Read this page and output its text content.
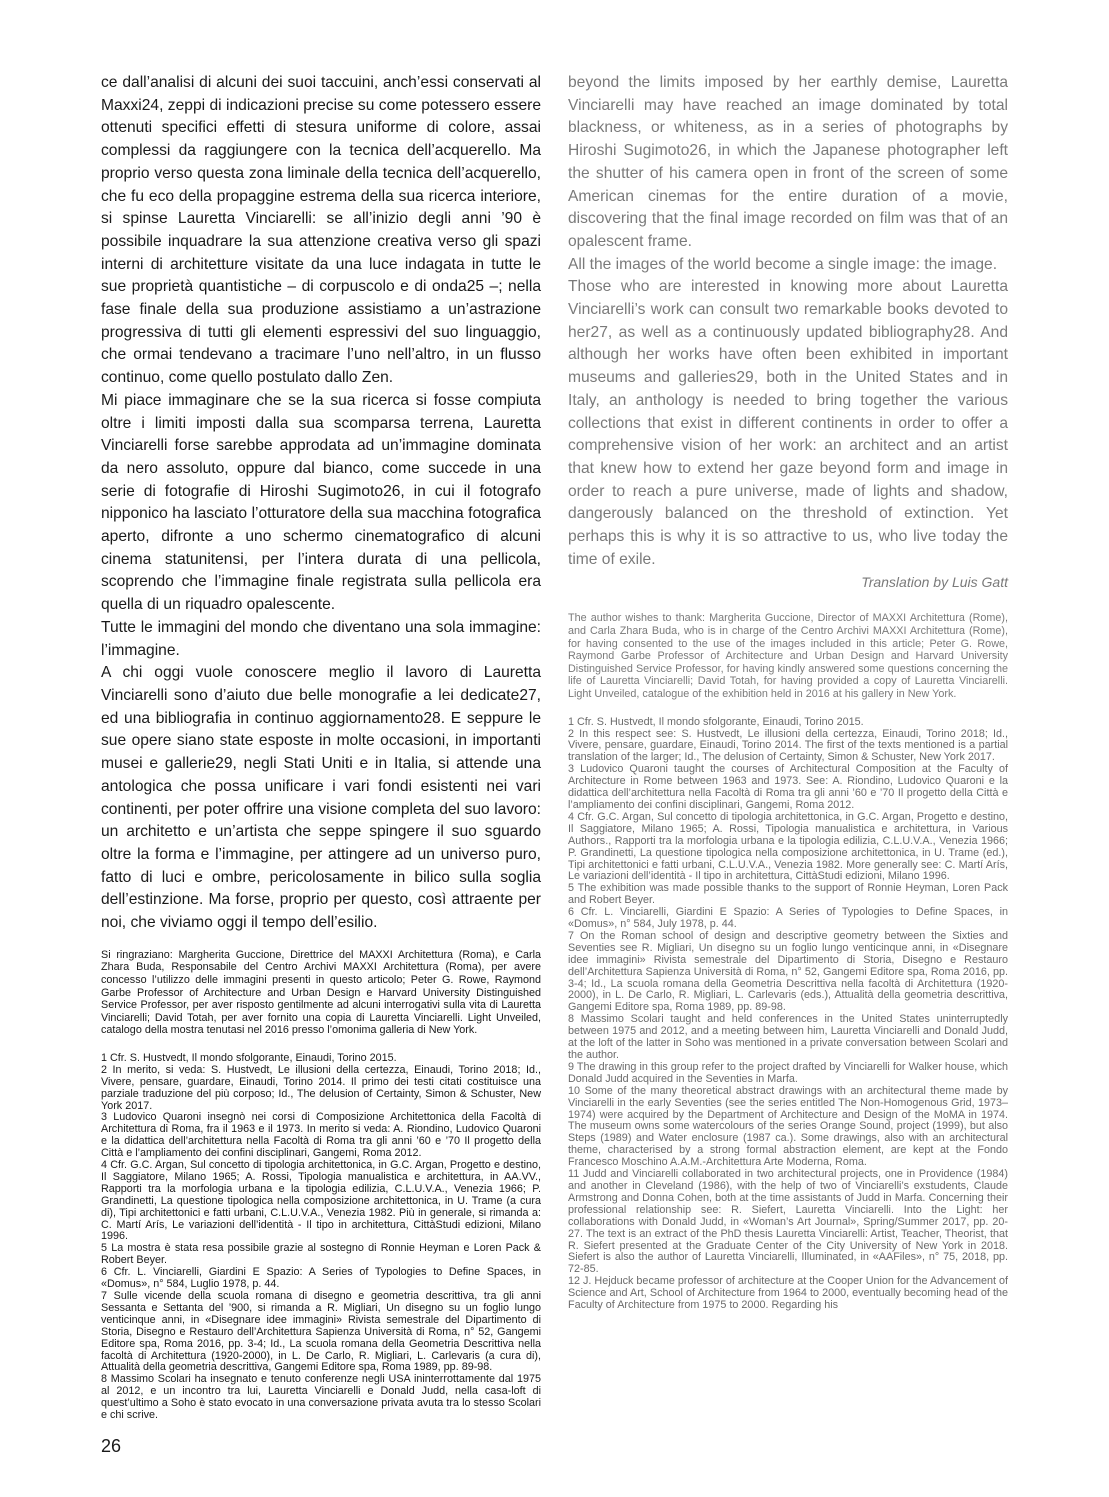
ce dall’analisi di alcuni dei suoi taccuini, anch’essi conservati al Maxxi24, zeppi di indicazioni precise su come potessero essere ottenuti specifici effetti di stesura uniforme di colore, assai complessi da raggiungere con la tecnica dell’acquerello. Ma proprio verso questa zona liminale della tecnica dell’acquerello, che fu eco della propaggine estrema della sua ricerca interiore, si spinse Lauretta Vinciarelli: se all’inizio degli anni ’90 è possibile inquadrare la sua attenzione creativa verso gli spazi interni di architetture visitate da una luce indagata in tutte le sue proprietà quantistiche – di corpuscolo e di onda25 –; nella fase finale della sua produzione assistiamo a un’astrazione progressiva di tutti gli elementi espressivi del suo linguaggio, che ormai tendevano a tracimare l’uno nell’altro, in un flusso continuo, come quello postulato dallo Zen.

Mi piace immaginare che se la sua ricerca si fosse compiuta oltre i limiti imposti dalla sua scomparsa terrena, Lauretta Vinciarelli forse sarebbe approdata ad un’immagine dominata da nero assoluto, oppure dal bianco, come succede in una serie di fotografie di Hiroshi Sugimoto26, in cui il fotografo nipponico ha lasciato l’otturatore della sua macchina fotografica aperto, difronte a uno schermo cinematografico di alcuni cinema statunitensi, per l’intera durata di una pellicola, scoprendo che l’immagine finale registrata sulla pellicola era quella di un riquadro opalescente.

Tutte le immagini del mondo che diventano una sola immagine: l’immagine.

A chi oggi vuole conoscere meglio il lavoro di Lauretta Vinciarelli sono d’aiuto due belle monografie a lei dedicate27, ed una bibliografia in continuo aggiornamento28. E seppure le sue opere siano state esposte in molte occasioni, in importanti musei e gallerie29, negli Stati Uniti e in Italia, si attende una antologica che possa unificare i vari fondi esistenti nei vari continenti, per poter offrire una visione completa del suo lavoro: un architetto e un’artista che seppe spingere il suo sguardo oltre la forma e l’immagine, per attingere ad un universo puro, fatto di luci e ombre, pericolosamente in bilico sulla soglia dell’estinzione. Ma forse, proprio per questo, così attraente per noi, che viviamo oggi il tempo dell’esilio.

Si ringraziano: Margherita Guccione, Direttrice del MAXXI Architettura (Roma), e Carla Zhara Buda, Responsabile del Centro Archivi MAXXI Architettura (Roma), per avere concesso l’utilizzo delle immagini presenti in questo articolo; Peter G. Rowe, Raymond Garbe Professor of Architecture and Urban Design e Harvard University Distinguished Service Professor, per aver risposto gentilmente ad alcuni interrogativi sulla vita di Lauretta Vinciarelli; David Totah, per aver fornito una copia di Lauretta Vinciarelli. Light Unveiled, catalogo della mostra tenutasi nel 2016 presso l’omonima galleria di New York.

1 Cfr. S. Hustvedt, Il mondo sfolgorante, Einaudi, Torino 2015.

2 In merito, si veda: S. Hustvedt, Le illusioni della certezza, Einaudi, Torino 2018; Id., Vivere, pensare, guardare, Einaudi, Torino 2014. Il primo dei testi citati costituisce una parziale traduzione del più corposo; Id., The delusion of Certainty, Simon & Schuster, New York 2017.

3 Ludovico Quaroni insegnò nei corsi di Composizione Architettonica della Facoltà di Architettura di Roma, fra il 1963 e il 1973. In merito si veda: A. Riondino, Ludovico Quaroni e la didattica dell’architettura nella Facoltà di Roma tra gli anni ’60 e ’70 Il progetto della Città e l’ampliamento dei confini disciplinari, Gangemi, Roma 2012.

4 Cfr. G.C. Argan, Sul concetto di tipologia architettonica, in G.C. Argan, Progetto e destino, Il Saggiatore, Milano 1965; A. Rossi, Tipologia manualistica e architettura, in AA.VV., Rapporti tra la morfologia urbana e la tipologia edilizia, C.L.U.V.A., Venezia 1966; P. Grandinetti, La questione tipologica nella composizione architettonica, in U. Trame (a cura di), Tipi architettonici e fatti urbani, C.L.U.V.A., Venezia 1982. Più in generale, si rimanda a: C. Martí Arís, Le variazioni dell’identità - Il tipo in architettura, CittàStudi edizioni, Milano 1996.

5 La mostra è stata resa possibile grazie al sostegno di Ronnie Heyman e Loren Pack & Robert Beyer.

6 Cfr. L. Vinciarelli, Giardini E Spazio: A Series of Typologies to Define Spaces, in «Domus», n° 584, Luglio 1978, p. 44.

7 Sulle vicende della scuola romana di disegno e geometria descrittiva, tra gli anni Sessanta e Settanta del ’900, si rimanda a R. Migliari, Un disegno su un foglio lungo venticinque anni, in «Disegnare idee immagini» Rivista semestrale del Dipartimento di Storia, Disegno e Restauro dell’Architettura Sapienza Università di Roma, n° 52, Gangemi Editore spa, Roma 2016, pp. 3-4; Id., La scuola romana della Geometria Descrittiva nella facoltà di Architettura (1920-2000), in L. De Carlo, R. Migliari, L. Carlevaris (a cura di), Attualità della geometria descrittiva, Gangemi Editore spa, Roma 1989, pp. 89-98.

8 Massimo Scolari ha insegnato e tenuto conferenze negli USA ininterrottamente dal 1975 al 2012, e un incontro tra lui, Lauretta Vinciarelli e Donald Judd, nella casa-loft di quest’ultimo a Soho è stato evocato in una conversazione privata avuta tra lo stesso Scolari e chi scrive.

beyond the limits imposed by her earthly demise, Lauretta Vinciarelli may have reached an image dominated by total blackness, or whiteness, as in a series of photographs by Hiroshi Sugimoto26, in which the Japanese photographer left the shutter of his camera open in front of the screen of some American cinemas for the entire duration of a movie, discovering that the final image recorded on film was that of an opalescent frame.

All the images of the world become a single image: the image.

Those who are interested in knowing more about Lauretta Vinciarelli’s work can consult two remarkable books devoted to her27, as well as a continuously updated bibliography28. And although her works have often been exhibited in important museums and galleries29, both in the United States and in Italy, an anthology is needed to bring together the various collections that exist in different continents in order to offer a comprehensive vision of her work: an architect and an artist that knew how to extend her gaze beyond form and image in order to reach a pure universe, made of lights and shadow, dangerously balanced on the threshold of extinction. Yet perhaps this is why it is so attractive to us, who live today the time of exile.

Translation by Luis Gatt

The author wishes to thank: Margherita Guccione, Director of MAXXI Architettura (Rome), and Carla Zhara Buda, who is in charge of the Centro Archivi MAXXI Architettura (Rome), for having consented to the use of the images included in this article; Peter G. Rowe, Raymond Garbe Professor of Architecture and Urban Design and Harvard University Distinguished Service Professor, for having kindly answered some questions concerning the life of Lauretta Vinciarelli; David Totah, for having provided a copy of Lauretta Vinciarelli. Light Unveiled, catalogue of the exhibition held in 2016 at his gallery in New York.

1 Cfr. S. Hustvedt, Il mondo sfolgorante, Einaudi, Torino 2015.

2 In this respect see: S. Hustvedt, Le illusioni della certezza, Einaudi, Torino 2018; Id., Vivere, pensare, guardare, Einaudi, Torino 2014. The first of the texts mentioned is a partial translation of the larger; Id., The delusion of Certainty, Simon & Schuster, New York 2017.

3 Ludovico Quaroni taught the courses of Architectural Composition at the Faculty of Architecture in Rome between 1963 and 1973. See: A. Riondino, Ludovico Quaroni e la didattica dell’architettura nella Facoltà di Roma tra gli anni ’60 e ’70 Il progetto della Città e l’ampliamento dei confini disciplinari, Gangemi, Roma 2012.

4 Cfr. G.C. Argan, Sul concetto di tipologia architettonica, in G.C. Argan, Progetto e destino, Il Saggiatore, Milano 1965; A. Rossi, Tipologia manualistica e architettura, in Various Authors., Rapporti tra la morfologia urbana e la tipologia edilizia, C.L.U.V.A., Venezia 1966; P. Grandinetti, La questione tipologica nella composizione architettonica, in U. Trame (ed.), Tipi architettonici e fatti urbani, C.L.U.V.A., Venezia 1982. More generally see: C. Martí Arís, Le variazioni dell’identità - Il tipo in architettura, CittàStudi edizioni, Milano 1996.

5 The exhibition was made possible thanks to the support of Ronnie Heyman, Loren Pack and Robert Beyer.

6 Cfr. L. Vinciarelli, Giardini E Spazio: A Series of Typologies to Define Spaces, in «Domus», n° 584, July 1978, p. 44.

7 On the Roman school of design and descriptive geometry between the Sixties and Seventies see R. Migliari, Un disegno su un foglio lungo venticinque anni, in «Disegnare idee immagini» Rivista semestrale del Dipartimento di Storia, Disegno e Restauro dell’Architettura Sapienza Università di Roma, n° 52, Gangemi Editore spa, Roma 2016, pp. 3-4; Id., La scuola romana della Geometria Descrittiva nella facoltà di Architettura (1920-2000), in L. De Carlo, R. Migliari, L. Carlevaris (eds.), Attualità della geometria descrittiva, Gangemi Editore spa, Roma 1989, pp. 89-98.

8 Massimo Scolari taught and held conferences in the United States uninterruptedly between 1975 and 2012, and a meeting between him, Lauretta Vinciarelli and Donald Judd, at the loft of the latter in Soho was mentioned in a private conversation between Scolari and the author.

9 The drawing in this group refer to the project drafted by Vinciarelli for Walker house, which Donald Judd acquired in the Seventies in Marfa.

10 Some of the many theoretical abstract drawings with an architectural theme made by Vinciarelli in the early Seventies (see the series entitled The Non-Homogenous Grid, 1973–1974) were acquired by the Department of Architecture and Design of the MoMA in 1974. The museum owns some watercolours of the series Orange Sound, project (1999), but also Steps (1989) and Water enclosure (1987 ca.). Some drawings, also with an architectural theme, characterised by a strong formal abstraction element, are kept at the Fondo Francesco Moschino A.A.M.-Architettura Arte Moderna, Roma.

11 Judd and Vinciarelli collaborated in two architectural projects, one in Providence (1984) and another in Cleveland (1986), with the help of two of Vinciarelli’s exstudents, Claude Armstrong and Donna Cohen, both at the time assistants of Judd in Marfa. Concerning their professional relationship see: R. Siefert, Lauretta Vinciarelli. Into the Light: her collaborations with Donald Judd, in «Woman’s Art Journal», Spring/Summer 2017, pp. 20-27. The text is an extract of the PhD thesis Lauretta Vinciarelli: Artist, Teacher, Theorist, that R. Siefert presented at the Graduate Center of the City University of New York in 2018. Siefert is also the author of Lauretta Vinciarelli, Illuminated, in «AAFiles», n° 75, 2018, pp. 72-85.

12 J. Hejduck became professor of architecture at the Cooper Union for the Advancement of Science and Art, School of Architecture from 1964 to 2000, eventually becoming head of the Faculty of Architecture from 1975 to 2000. Regarding his

26
